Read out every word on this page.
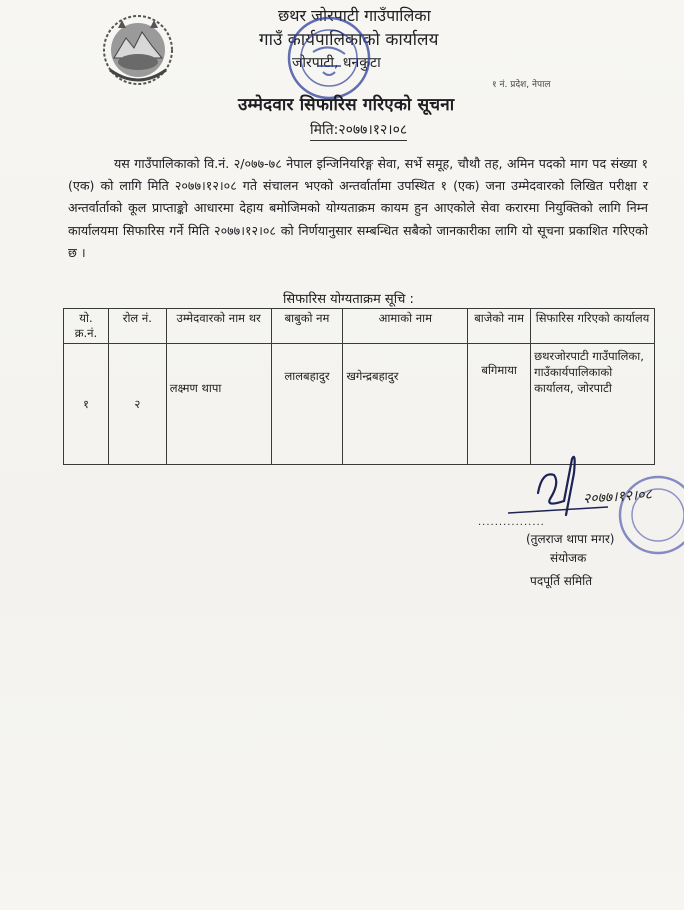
छथर जोरपाटी गाउँपालिका
गाउँ कार्यपालिकाको कार्यालय
जोरपाटी, धनकुटा
१ नं. प्रदेश, नेपाल
उम्मेदवार सिफारिस गरिएको सूचना
मिति:२०७७।१२।०८

यस गाउँपालिकाको वि.नं. २/०७७-७८ नेपाल इन्जिनियरिङ्ग सेवा, सर्भे समूह, चौथौ तह, अमिन पदको माग पद संख्या १ (एक) को लागि मिति २०७७।१२।०८ गते संचालन भएको अन्तर्वार्तामा उपस्थित १ (एक) जना उम्मेदवारको लिखित परीक्षा र अन्तर्वार्ताको कूल प्राप्ताङ्को आधारमा देहाय बमोजिमको योग्यताक्रम कायम हुन आएकोले सेवा करारमा नियुक्तिको लागि निम्न कार्यालयमा सिफारिस गर्ने मिति २०७७।१२।०८ को निर्णयानुसार सम्बन्धित सबैको जानकारीका लागि यो सूचना प्रकाशित गरिएको छ ।

सिफारिस योग्यताक्रम सूचि :
यो. क्र.नं.	रोल नं.	उम्मेदवारको नाम थर	बाबुको नम	आमाको नाम	बाजेको नाम	सिफारिस गरिएको कार्यालय
१	२	लक्ष्मण थापा	लालबहादुर	खगेन्द्रबहादुर	बगिमाया	छथरजोरपाटी गाउँपालिका, गाउँकार्यपालिकाको कार्यालय, जोरपाटी
................
२०७७।१२।०८
(तुलराज थापा मगर)
संयोजक
पदपूर्ति समिति
